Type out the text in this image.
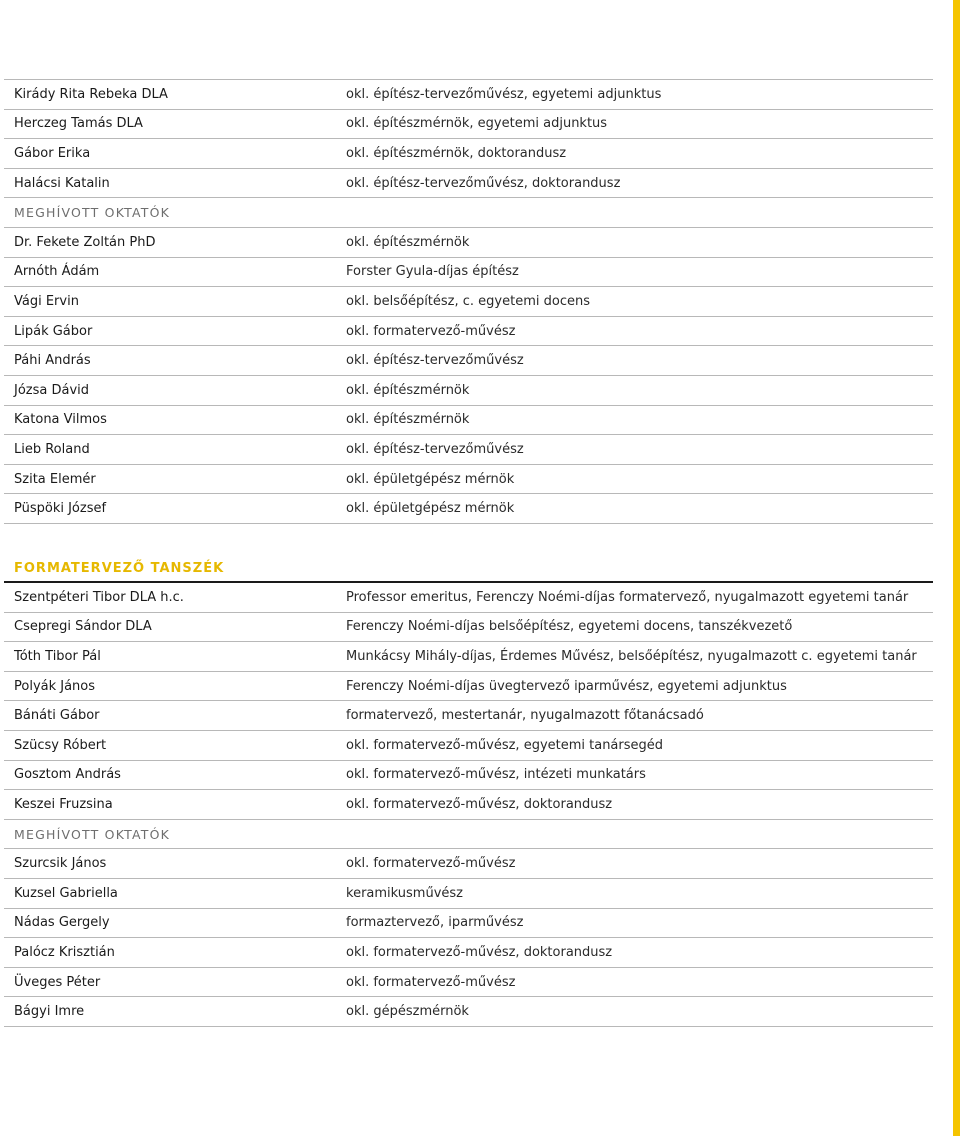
Kirády Rita Rebeka DLA	okl. építész-tervezőművész, egyetemi adjunktus
Herczeg Tamás DLA	okl. építészmérnök, egyetemi adjunktus
Gábor Erika	okl. építészmérnök, doktorandusz
Halácsi Katalin	okl. építész-tervezőművész, doktorandusz
MEGHÍVOTT OKTATÓK
Dr. Fekete Zoltán PhD	okl. építészmérnök
Arnóth Ádám	Forster Gyula-díjas építész
Vági Ervin	okl. belsőépítész, c. egyetemi docens
Lipák Gábor	okl. formatervező-művész
Páhi András	okl. építész-tervezőművész
Józsa Dávid	okl. építészmérnök
Katona Vilmos	okl. építészmérnök
Lieb Roland	okl. építész-tervezőművész
Szita Elemér	okl. épületgépész mérnök
Püspöki József	okl. épületgépész mérnök
FORMATERVEZŐ TANSZÉK
Szentpéteri Tibor DLA h.c.	Professor emeritus, Ferenczy Noémi-díjas formatervező, nyugalmazott egyetemi tanár
Csepregi Sándor DLA	Ferenczy Noémi-díjas belsőépítész, egyetemi docens, tanszékvezető
Tóth Tibor Pál	Munkácsy Mihály-díjas, Érdemes Művész, belsőépítész, nyugalmazott c. egyetemi tanár
Polyák János	Ferenczy Noémi-díjas üvegtervező iparművész, egyetemi adjunktus
Bánáti Gábor	formatervező, mestertanár, nyugalmazott főtanácsadó
Szücsy Róbert	okl. formatervező-művész, egyetemi tanársegéd
Gosztom András	okl. formatervező-művész, intézeti munkatárs
Keszei Fruzsina	okl. formatervező-művész, doktorandusz
MEGHÍVOTT OKTATÓK
Szurcsik János	okl. formatervező-művész
Kuzsel Gabriella	keramikusművész
Nádas Gergely	formaztervező, iparművész
Palócz Krisztián	okl. formatervező-művész, doktorandusz
Üveges Péter	okl. formatervező-művész
Bágyi Imre	okl. gépészmérnök
